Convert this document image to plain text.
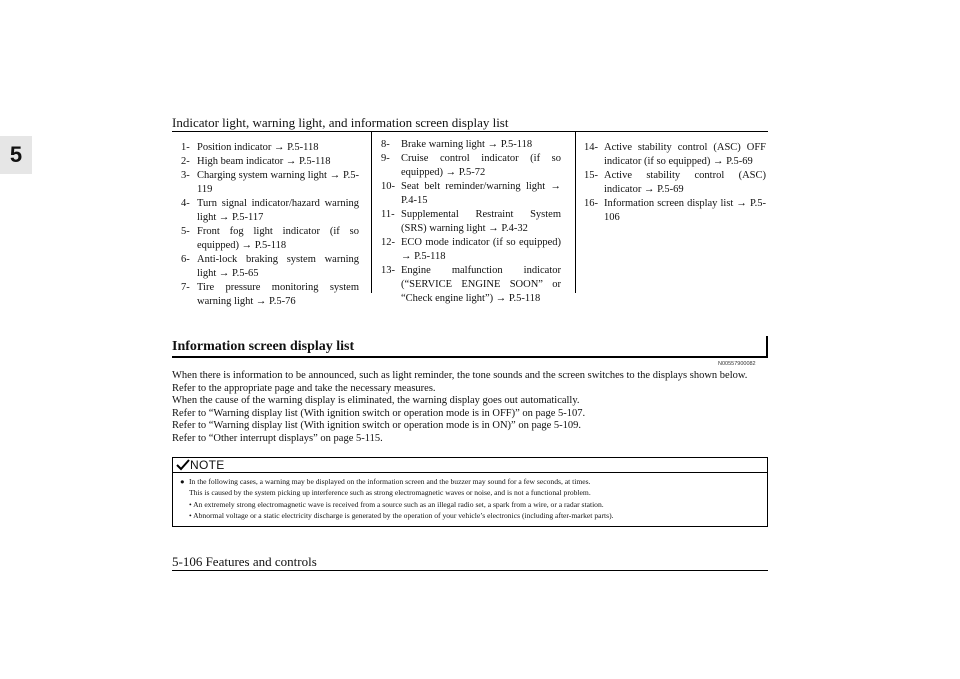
Indicator light, warning light, and information screen display list
5	1- Position indicator → P.5-118
2- High beam indicator → P.5-118
3- Charging system warning light → P.5-119
4- Turn signal indicator/hazard warning light → P.5-117
5- Front fog light indicator (if so equipped) → P.5-118
6- Anti-lock braking system warning light → P.5-65
7- Tire pressure monitoring system warning light → P.5-76
8-	Brake warning light → P.5-118
9-	Cruise control indicator (if so equipped) → P.5-72
10- Seat belt reminder/warning light → P.4-15
11- Supplemental Restraint System (SRS) warning light → P.4-32
12- ECO mode indicator (if so equipped) → P.5-118
13- Engine malfunction indicator (“SERVICE ENGINE SOON” or “Check engine light”) → P.5-118
14- Active stability control (ASC) OFF indicator (if so equipped) → P.5-69
15- Active stability control (ASC) indicator → P.5-69
16- Information screen display list → P.5-106
Information screen display list
N00557900082

When there is information to be announced, such as light reminder, the tone sounds and the screen switches to the displays shown below. Refer to the appropriate page and take the necessary measures.

When the cause of the warning display is eliminated, the warning display goes out automatically.

Refer to “Warning display list (With ignition switch or operation mode is in OFF)” on page 5-107.

Refer to “Warning display list (With ignition switch or operation mode is in ON)” on page 5-109.

Refer to “Other interrupt displays” on page 5-115.

NOTE
● In the following cases, a warning may be displayed on the information screen and the buzzer may sound for a few seconds, at times.
This is caused by the system picking up interference such as strong electromagnetic waves or noise, and is not a functional problem.
• An extremely strong electromagnetic wave is received from a source such as an illegal radio set, a spark from a wire, or a radar station.
• Abnormal voltage or a static electricity discharge is generated by the operation of your vehicle’s electronics (including after-market parts).
5-106 Features and controls
